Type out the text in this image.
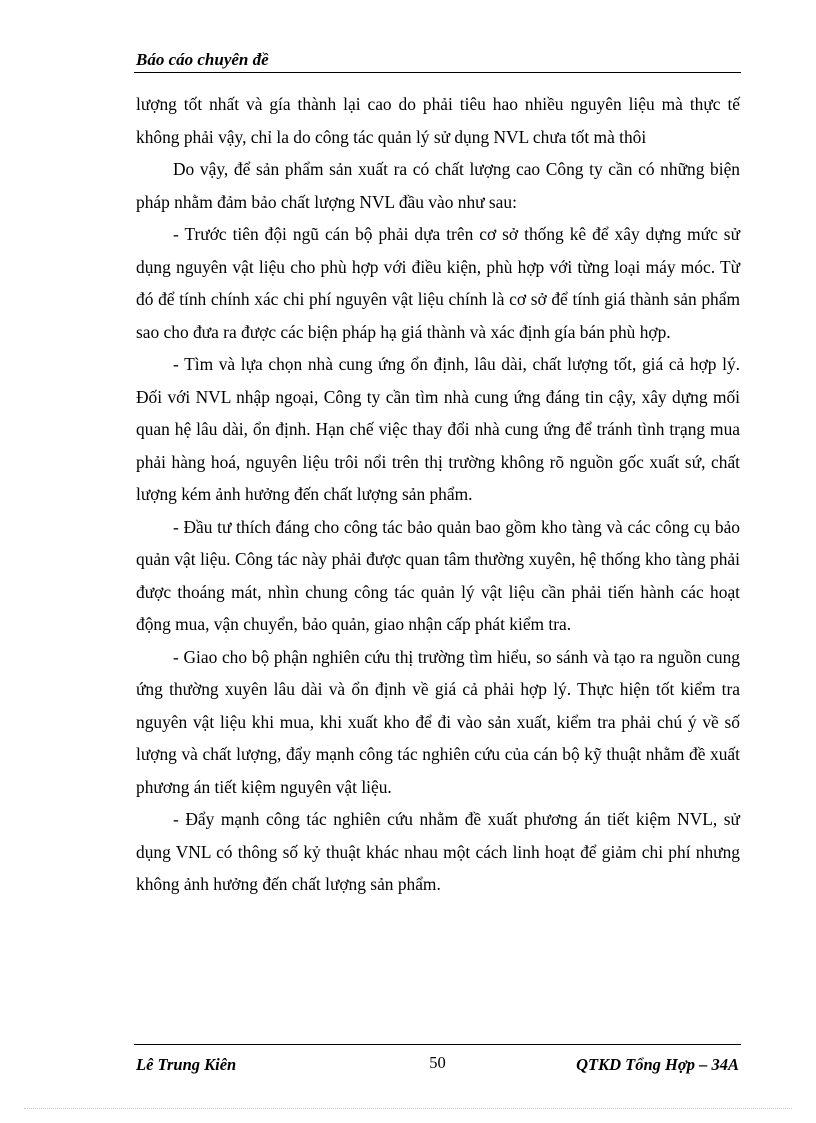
Báo cáo chuyên đề

lượng tốt nhất và gía thành lại cao do phải tiêu hao nhiều nguyên liệu mà thực tế không phải vậy, chỉ la do công tác quản lý sử dụng NVL chưa tốt mà thôi

Do vậy, để sản phẩm sản xuất ra có chất lượng cao Công ty cần có những biện pháp nhằm đảm bảo chất lượng NVL đầu vào như sau:

- Trước tiên đội ngũ cán bộ phải dựa trên cơ sở thống kê để xây dựng mức sử dụng nguyên vật liệu cho phù hợp với điều kiện, phù hợp với từng loại máy móc. Từ đó để tính chính xác chi phí nguyên vật liệu chính là cơ sở để tính giá thành sản phẩm sao cho đưa ra được các biện pháp hạ giá thành và xác định gía bán phù hợp.

- Tìm và lựa chọn nhà cung ứng ổn định, lâu dài, chất lượng tốt, giá cả hợp lý. Đối với NVL nhập ngoại, Công ty cần tìm nhà cung ứng đáng tin cậy, xây dựng mối quan hệ lâu dài, ổn định. Hạn chế việc thay đổi nhà cung ứng để tránh tình trạng mua phải hàng hoá, nguyên liệu trôi nổi trên thị trường không rõ nguồn gốc xuất sứ, chất lượng kém ảnh hưởng đến chất lượng sản phẩm.

- Đầu tư thích đáng cho công tác bảo quản bao gồm kho tàng và các công cụ bảo quản vật liệu. Công tác này phải được quan tâm thường xuyên, hệ thống kho tàng phải được thoáng mát, nhìn chung công tác quản lý vật liệu cần phải tiến hành các hoạt động mua, vận chuyển, bảo quản, giao nhận cấp phát kiểm tra.

- Giao cho bộ phận nghiên cứu thị trường tìm hiểu, so sánh và tạo ra nguồn cung ứng thường xuyên lâu dài và ổn định về giá cả phải hợp lý. Thực hiện tốt kiểm tra nguyên vật liệu khi mua, khi xuất kho để đi vào sản xuất, kiểm tra phải chú ý về số lượng và chất lượng, đẩy mạnh công tác nghiên cứu của cán bộ kỹ thuật nhằm đề xuất phương án tiết kiệm nguyên vật liệu.

- Đẩy mạnh công tác nghiên cứu nhằm đề xuất phương án tiết kiệm NVL, sử dụng VNL có thông số kỷ thuật khác nhau một cách linh hoạt để giảm chi phí nhưng không ảnh hưởng đến chất lượng sản phẩm.

Lê Trung Kiên	50	QTKD Tổng Hợp – 34A
